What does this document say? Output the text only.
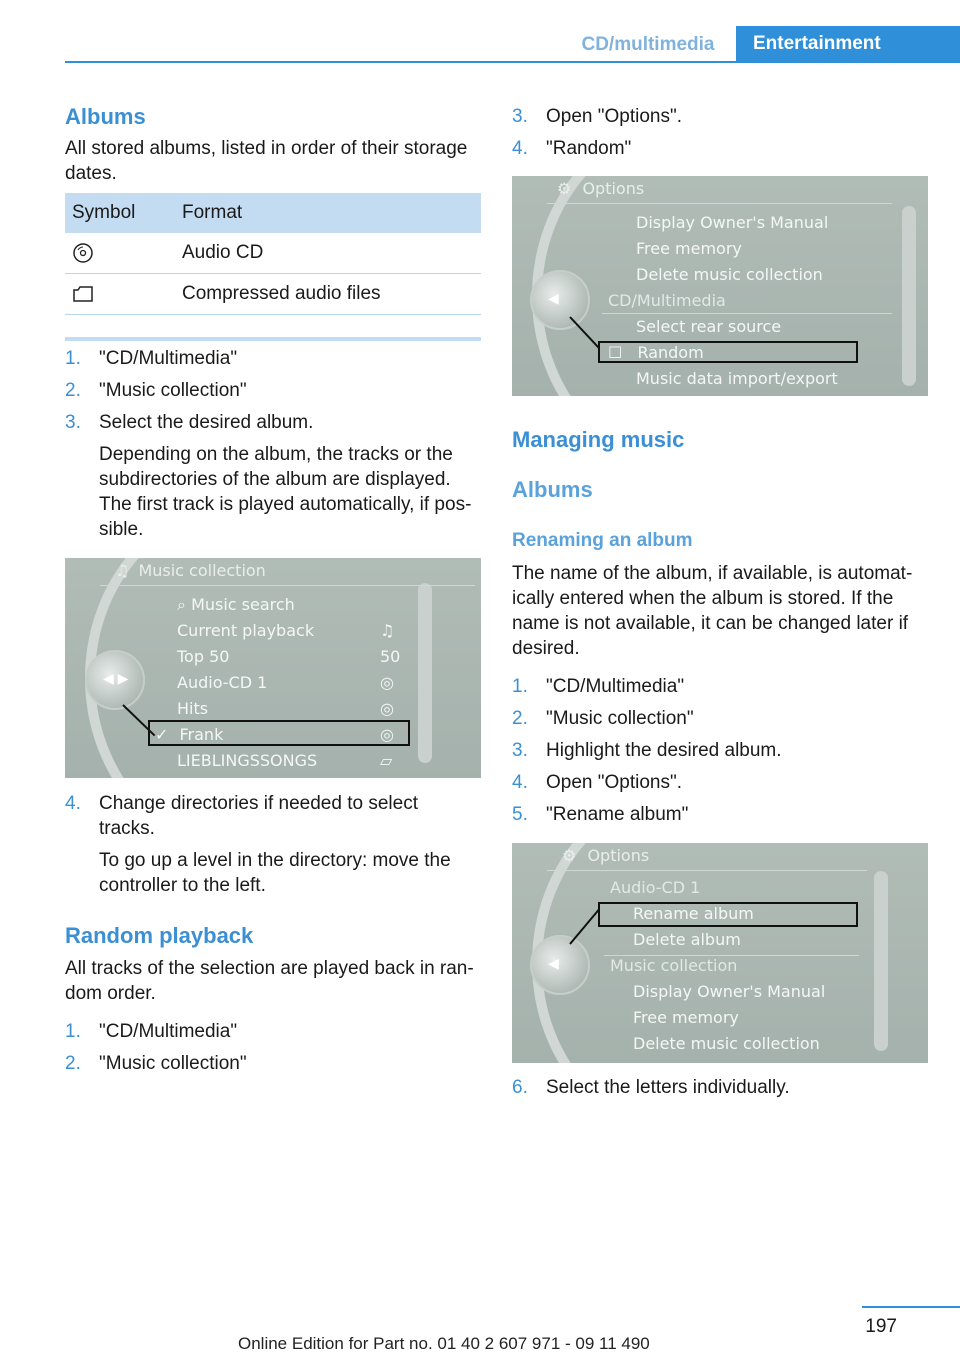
CD/multimedia	Entertainment
Albums
All stored albums, listed in order of their storage dates.
Symbol	Format
Audio CD
Compressed audio files
1. "CD/Multimedia"
2. "Music collection"
3. Select the desired album.
Depending on the album, the tracks or the subdirectories of the album are displayed. The first track is played automatically, if possible.
◀ ▶
♫ Music collection
⌕ Music search
Current playback
Top 50
Audio-CD 1
Hits
✓ Frank
LIEBLINGSSONGS
♫
50
◎
◎
◎
▱
4. Change directories if needed to select tracks.
To go up a level in the directory: move the controller to the left.
Random playback
All tracks of the selection are played back in random order.
1. "CD/Multimedia"
2. "Music collection"
3. Open "Options".
4. "Random"
◀
⚙ Options
Display Owner's Manual
Free memory
Delete music collection
CD/Multimedia
Select rear source
☐ Random
Music data import/export
Managing music
Albums
Renaming an album
The name of the album, if available, is automatically entered when the album is stored. If the name is not available, it can be changed later if desired.
1. "CD/Multimedia"
2. "Music collection"
3. Highlight the desired album.
4. Open "Options".
5. "Rename album"
◀
⚙ Options
Audio-CD 1
Rename album
Delete album
Music collection
Display Owner's Manual
Free memory
Delete music collection
6. Select the letters individually.
197
Online Edition for Part no. 01 40 2 607 971 - 09 11 490
